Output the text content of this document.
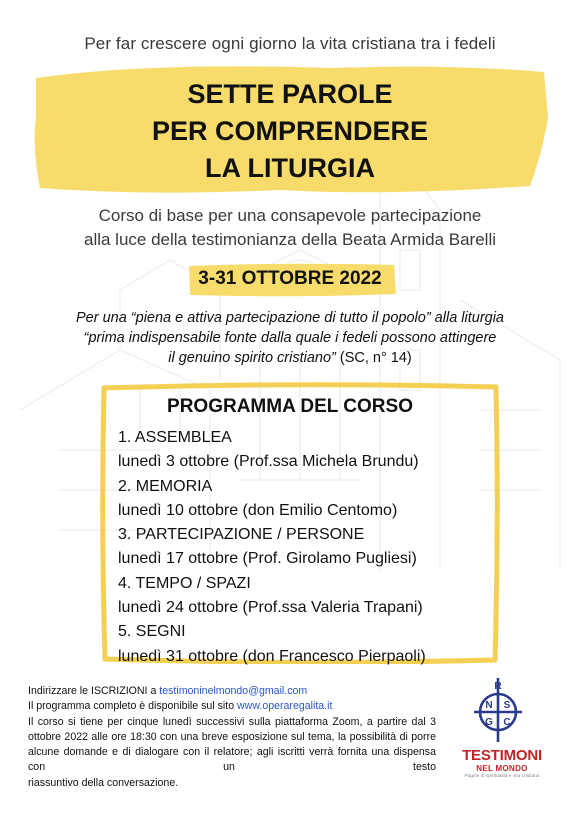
Per far crescere ogni giorno la vita cristiana tra i fedeli
SETTE PAROLE
PER COMPRENDERE
LA LITURGIA
Corso di base per una consapevole partecipazione
alla luce della testimonianza della Beata Armida Barelli
3-31 OTTOBRE 2022
Per una “piena e attiva partecipazione di tutto il popolo” alla liturgia
“prima indispensabile fonte dalla quale i fedeli possono attingere
il genuino spirito cristiano” (SC, n° 14)
PROGRAMMA DEL CORSO
1. ASSEMBLEA
lunedì 3 ottobre (Prof.ssa Michela Brundu)
2. MEMORIA
lunedì 10 ottobre (don Emilio Centomo)
3. PARTECIPAZIONE / PERSONE
lunedì 17 ottobre (Prof. Girolamo Pugliesi)
4. TEMPO / SPAZI
lunedì 24 ottobre (Prof.ssa Valeria Trapani)
5. SEGNI
lunedì 31 ottobre (don Francesco Pierpaoli)
Indirizzare le ISCRIZIONI a testimoninelmondo@gmail.com
Il programma completo è disponibile sul sito www.operaregalita.it
Il corso si tiene per cinque lunedì successivi sulla piattaforma Zoom, a partire dal 3 ottobre 2022 alle ore 18:30 con una breve esposizione sul tema, la possibilità di porre alcune domande e di dialogare con il relatore; agli iscritti verrà fornita una dispensa con un testo
riassuntivo della conversazione.
R
N S
G C
TESTIMONI
NEL MONDO
Pagine di spiritualità e vita cristiana
